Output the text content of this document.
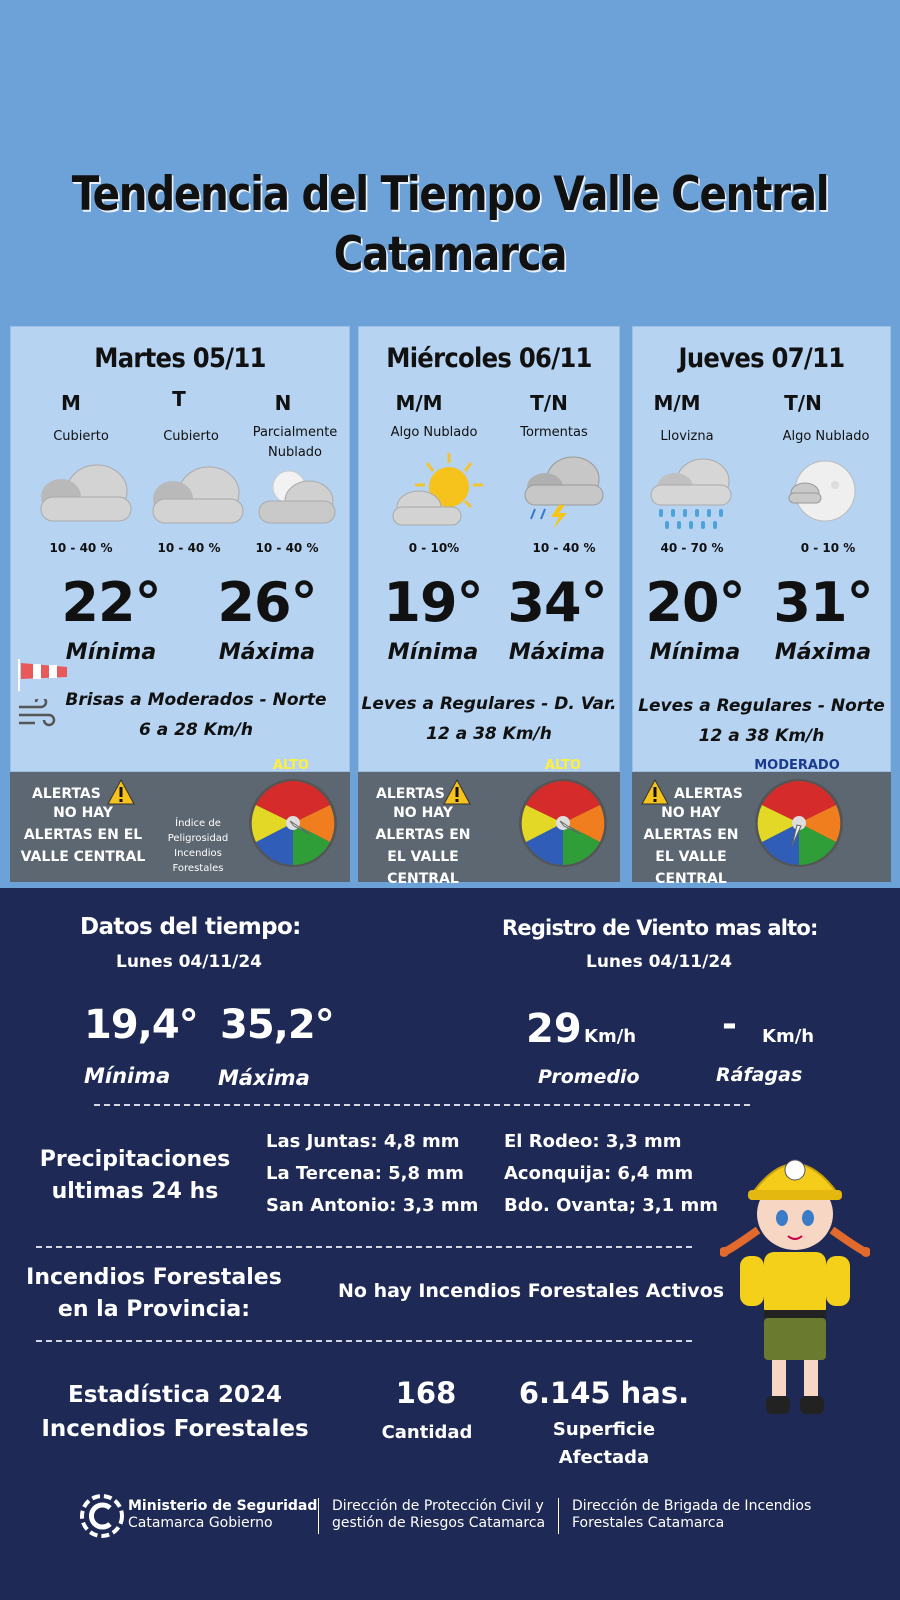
Tendencia del Tiempo Valle Central
Catamarca
Martes 05/11
M	T	N
Cubierto	Cubierto	Parcialmente Nublado
10 - 40 %	10 - 40 %	10 - 40 %
22° 26°
Mínima	Máxima
Brisas a Moderados - Norte
6 a 28 Km/h
Miércoles 06/11
M/M	T/N
Algo Nublado	Tormentas
0 - 10%	10 - 40 %
19° 34°
Mínima	Máxima
Leves a Regulares - D. Var.
12 a 38 Km/h
Jueves 07/11
M/M	T/N
Llovizna	Algo Nublado
40 - 70 %	0 - 10 %
20° 31°
Mínima	Máxima
Leves a Regulares - Norte
12 a 38 Km/h
ALERTAS
NO HAY ALERTAS EN EL VALLE CENTRAL
Índice de Peligrosidad Incendios Forestales
ALTO
ALERTAS
NO HAY ALERTAS EN EL VALLE CENTRAL
ALTO
ALERTAS
NO HAY ALERTAS EN EL VALLE CENTRAL
MODERADO
Datos del tiempo:
Lunes 04/11/24
19,4° 35,2°
Mínima Máxima
Registro de Viento mas alto:
Lunes 04/11/24
29 Km/h - Km/h
Promedio	Ráfagas
Precipitaciones
ultimas 24 hs
Las Juntas: 4,8 mm
La Tercena: 5,8 mm
San Antonio: 3,3 mm
El Rodeo: 3,3 mm
Aconquija: 6,4 mm
Bdo. Ovanta; 3,1 mm
Incendios Forestales
en la Provincia:
No hay Incendios Forestales Activos
Estadística 2024
Incendios Forestales
168
Cantidad
6.145 has.
Superficie
Afectada
Ministerio de Seguridad
Catamarca Gobierno
Dirección de Protección Civil y
gestión de Riesgos Catamarca
Dirección de Brigada de Incendios
Forestales Catamarca
